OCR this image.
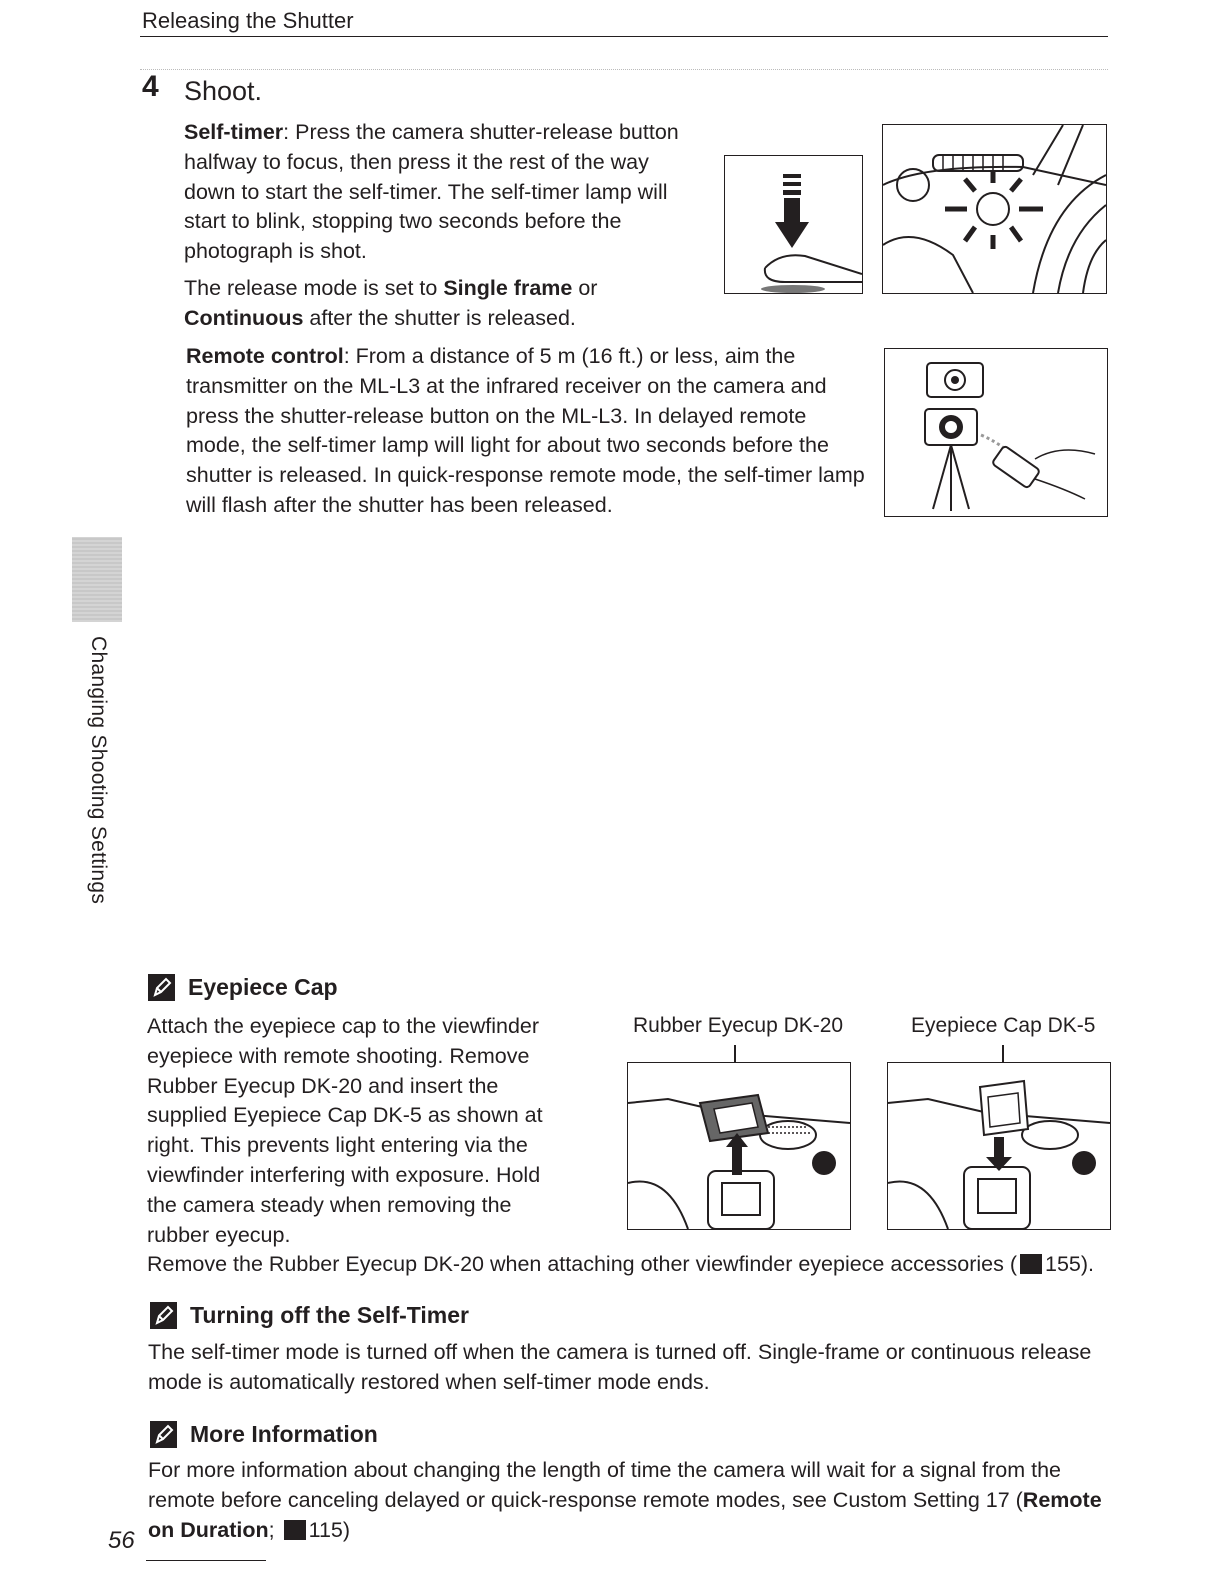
Releasing the Shutter
4 Shoot.
Self-timer: Press the camera shutter-release button halfway to focus, then press it the rest of the way down to start the self-timer. The self-timer lamp will start to blink, stopping two seconds before the photograph is shot.
The release mode is set to Single frame or Continuous after the shutter is released.
Remote control: From a distance of 5 m (16 ft.) or less, aim the transmitter on the ML-L3 at the infrared receiver on the camera and press the shutter-release button on the ML-L3. In delayed remote mode, the self-timer lamp will light for about two seconds before the shutter is released. In quick-response remote mode, the self-timer lamp will flash after the shutter has been released.
Changing Shooting Settings
Eyepiece Cap
Attach the eyepiece cap to the viewfinder eyepiece with remote shooting. Remove Rubber Eyecup DK-20 and insert the supplied Eyepiece Cap DK-5 as shown at right. This prevents light entering via the viewfinder interfering with exposure. Hold the camera steady when removing the rubber eyecup.
Rubber Eyecup DK-20	Eyepiece Cap DK-5
Remove the Rubber Eyecup DK-20 when attaching other viewfinder eyepiece accessories ( 155).
Turning off the Self-Timer
The self-timer mode is turned off when the camera is turned off. Single-frame or continuous release mode is automatically restored when self-timer mode ends.
More Information
For more information about changing the length of time the camera will wait for a signal from the remote before canceling delayed or quick-response remote modes, see Custom Setting 17 (Remote on Duration; 115)
56
